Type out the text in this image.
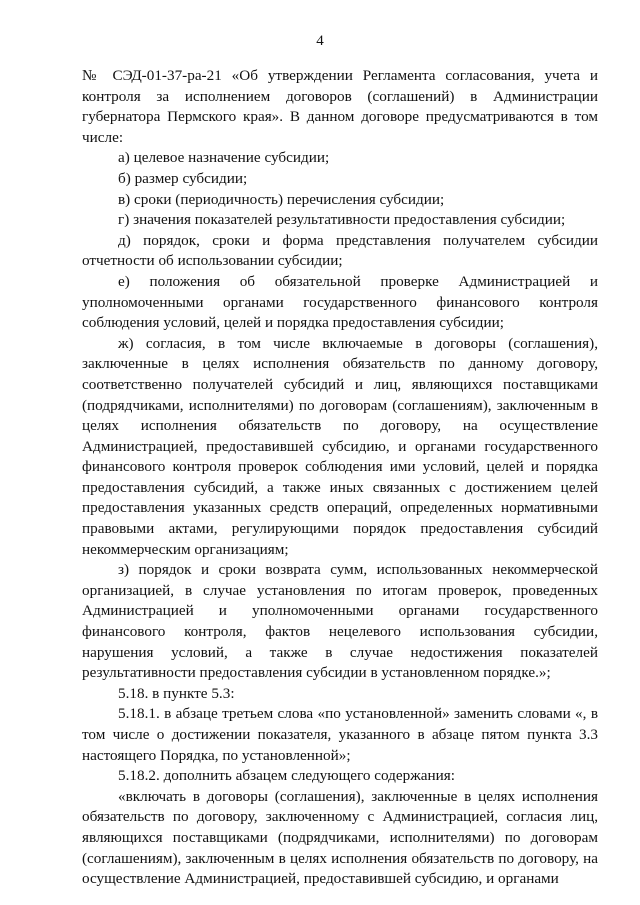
4

№ СЭД-01-37-ра-21 «Об утверждении Регламента согласования, учета и контроля за исполнением договоров (соглашений) в Администрации губернатора Пермского края». В данном договоре предусматриваются в том числе:

а) целевое назначение субсидии;

б) размер субсидии;

в) сроки (периодичность) перечисления субсидии;

г) значения показателей результативности предоставления субсидии;

д) порядок, сроки и форма представления получателем субсидии отчетности об использовании субсидии;

е) положения об обязательной проверке Администрацией и уполномоченными органами государственного финансового контроля соблюдения условий, целей и порядка предоставления субсидии;

ж) согласия, в том числе включаемые в договоры (соглашения), заключенные в целях исполнения обязательств по данному договору, соответственно получателей субсидий и лиц, являющихся поставщиками (подрядчиками, исполнителями) по договорам (соглашениям), заключенным в целях исполнения обязательств по договору, на осуществление Администрацией, предоставившей субсидию, и органами государственного финансового контроля проверок соблюдения ими условий, целей и порядка предоставления субсидий, а также иных связанных с достижением целей предоставления указанных средств операций, определенных нормативными правовыми актами, регулирующими порядок предоставления субсидий некоммерческим организациям;

з) порядок и сроки возврата сумм, использованных некоммерческой организацией, в случае установления по итогам проверок, проведенных Администрацией и уполномоченными органами государственного финансового контроля, фактов нецелевого использования субсидии, нарушения условий, а также в случае недостижения показателей результативности предоставления субсидии в установленном порядке.»;

5.18. в пункте 5.3:

5.18.1. в абзаце третьем слова «по установленной» заменить словами «, в том числе о достижении показателя, указанного в абзаце пятом пункта 3.3 настоящего Порядка, по установленной»;

5.18.2. дополнить абзацем следующего содержания:

«включать в договоры (соглашения), заключенные в целях исполнения обязательств по договору, заключенному с Администрацией, согласия лиц, являющихся поставщиками (подрядчиками, исполнителями) по договорам (соглашениям), заключенным в целях исполнения обязательств по договору, на осуществление Администрацией, предоставившей субсидию, и органами
